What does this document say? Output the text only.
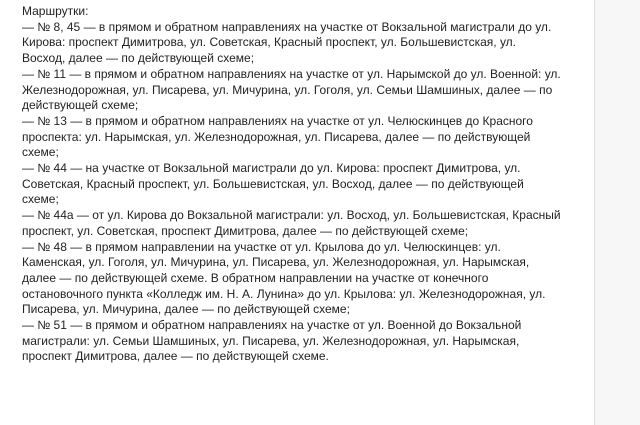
Маршрутки:
— № 8, 45 — в прямом и обратном направлениях на участке от Вокзальной магистрали до ул. Кирова: проспект Димитрова, ул. Советская, Красный проспект, ул. Большевистская, ул. Восход, далее — по действующей схеме;
— № 11 — в прямом и обратном направлениях на участке от ул. Нарымской до ул. Военной: ул. Железнодорожная, ул. Писарева, ул. Мичурина, ул. Гоголя, ул. Семьи Шамшиных, далее — по действующей схеме;
— № 13 — в прямом и обратном направлениях на участке от ул. Челюскинцев до Красного проспекта: ул. Нарымская, ул. Железнодорожная, ул. Писарева, далее — по действующей схеме;
— № 44 — на участке от Вокзальной магистрали до ул. Кирова: проспект Димитрова, ул. Советская, Красный проспект, ул. Большевистская, ул. Восход, далее — по действующей схеме;
— № 44а — от ул. Кирова до Вокзальной магистрали: ул. Восход, ул. Большевистская, Красный проспект, ул. Советская, проспект Димитрова, далее — по действующей схеме;
— № 48 — в прямом направлении на участке от ул. Крылова до ул. Челюскинцев: ул. Каменская, ул. Гоголя, ул. Мичурина, ул. Писарева, ул. Железнодорожная, ул. Нарымская, далее — по действующей схеме. В обратном направлении на участке от конечного остановочного пункта «Колледж им. Н. А. Лунина» до ул. Крылова: ул. Железнодорожная, ул. Писарева, ул. Мичурина, далее — по действующей схеме;
— № 51 — в прямом и обратном направлениях на участке от ул. Военной до Вокзальной магистрали: ул. Семьи Шамшиных, ул. Писарева, ул. Железнодорожная, ул. Нарымская, проспект Димитрова, далее — по действующей схеме.
